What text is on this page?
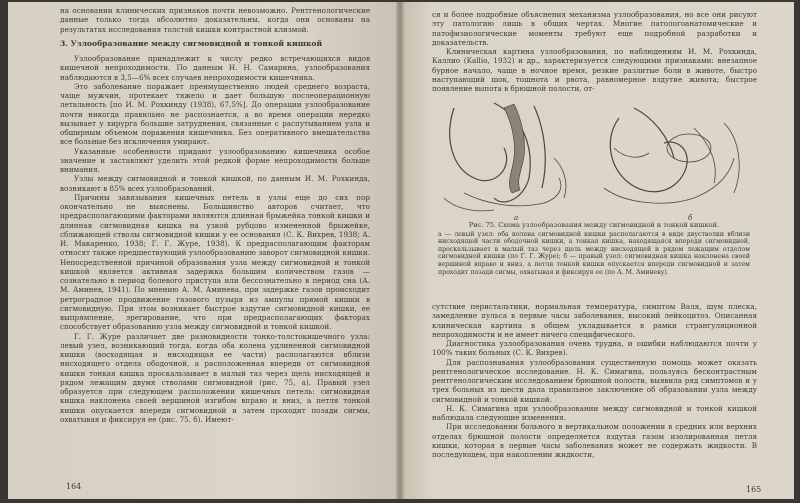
на основании клинических признаков почти невозможно. Рентгенологические данные только тогда абсолютно доказательны, когда они основаны на результатах исследования толстой кишки контрастной клизмой.

3. Узлообразование между сигмовидной и тонкой кишкой

Узлообразование принадлежит к числу редко встречающихся видов кишечной непроходимости. По данным Н. Н. Самарина, узлообразования наблюдаются в 3,5—6% всех случаев непроходимости кишечника.

Это заболевание поражает преимущественно людей среднего возраста, чаще мужчин, протекает тяжело и дает большую послеоперационную летальность [по И. М. Рохкинду (1938), 67,5%]. До операции узлообразование почти никогда правильно не распознается, а во время операции нередко вызывает у хирурга большие затруднения, связанные с распутыванием узла и обширным объемом поражения кишечника. Без оперативного вмешательства все больные без исключения умирают.

Указанные особенности придают узлообразованию кишечника особое значение и заставляют уделить этой редкой форме непроходимости больше внимания.

Узлы между сигмовидной и тонкой кишкой, по данным И. М. Рохкинда, возникают в 85% всех узлообразований.

Причины завязывания кишечных петель в узлы еще до сих пор окончательно не выяснены. Большинство авторов считает, что предрасполагающими факторами являются длинная брыжейка тонкой кишки и длинная сигмовидная кишка на узкой рубцово измененной брыжейке, сближающей стволы сигмовидной кишки у ее основания (С. К. Вихрев, 1938; А. И. Макаренко, 1938; Г. Г. Жуpe, 1938). К предрасполагающим факторам относят также предшествующий узлообразованию заворот сигмовидной кишки. Непосредственной причиной образования узла между сигмовидной и тонкой кишкой является активная задержка большим количеством газов — сознательно в период болевого приступа или бессознательно в период сна (А. М. Аминев, 1941). По мнению А. М. Аминева, при задержке газов происходит ретроградное продвижение газового пузыря из ампулы прямой кишки в сигмовидную. При этом возникает быстрое вздутие сигмовидной кишки, ее выпрямление, эрегирование, что при предрасполагающих факторах способствует образованию узла между сигмовидной и тонкой кишкой.

Г. Г. Жуpe различает две разновидности тонко-толстокишечного узла: левый узел, возникающий тогда, когда оба колена удлиненной сигмовидной кишки (восходящая и нисходящая ее части) располагаются вблизи нисходящего отдела ободочной, а расположенная впереди от сигмовидной кишки тонкая кишка проскальзывает в малый таз через щель нисходящей и рядом лежащим двумя стволами сигмовидной (рис. 75, а). Правый узел образуется при следующем расположении кишечных петель: сигмовидная кишка наклонена своей вершиной изгибом вправо и вниз, а петля тонкой кишки опускается впереди сигмовидной и затем проходит позади сигмы, охватывая и фиксируя ее (рис. 75, б). Имеют-

164

ся и более подробные объяснения механизма узлообразования, но все они рисуют эту патологию лишь в общих чертах. Многие патологоанатомические и патофизиологические моменты требуют еще подробной разработки и доказательств.

Клиническая картина узлообразования, по наблюдениям И. М. Рохкинда, Каллио (Kallio, 1932) и др., характеризуется следующими признаками: внезапное бурное начало, чаще в ночное время, резкие разлитые боли в животе, быстро наступающий шок, тошнота и рвота, равномерное вздутие живота; быстрое появление выпота в брюшной полости, от-

а	б
Рис. 75. Схема узлообразования между сигмовидной и тонкой кишкой.
а — левый узел: оба колена сигмовидной кишки располагаются в виде двустволки вблизи нисходящей части ободочной кишки, а тонкая кишка, находящаяся впереди сигмовидной, проскальзывает в малый таз через щель между нисходящей и рядом лежащим отделом сигмовидной кишки (по Г. Г. Жуpe); б — правый узел: сигмовидная кишка наклонена своей вершиной вправо и вниз, а петля тонкой кишки опускается впереди сигмовидной и затем проходит позади сигмы, охватывая и фиксируя ее (по А. М. Аминеву).

сутствие перистальтики, нормальная температура, симптом Валя, шум плеска, замедление пульса в первые часы заболевания, высокий лейкоцитоз. Описанная клиническая картина в общем укладывается в рамки странгуляционной непроходимости и не имеет ничего специфического.

Диагностика узлообразования очень трудна, и ошибки наблюдаются почти у 100% таких больных (С. К. Вихрев).

Для распознавания узлообразования существенную помощь может оказать рентгенологическое исследование. Н. К. Симагина, пользуясь бесконтрастным рентгенологическим исследованием брюшной полости, выявила ряд симптомов и у трех больных из шести дала правильное заключение об образовании узла между сигмовидной и тонкой кишкой.

Н. К. Симагина при узлообразовании между сигмовидной и тонкой кишкой наблюдала следующие изменения.

При исследовании больного в вертикальном положении в средних или верхних отделах брюшной полости определяется вздутая газом изолированная петля кишки, которая в первые часы заболевания может не содержать жидкости. В последующем, при накоплении жидкости,

165
